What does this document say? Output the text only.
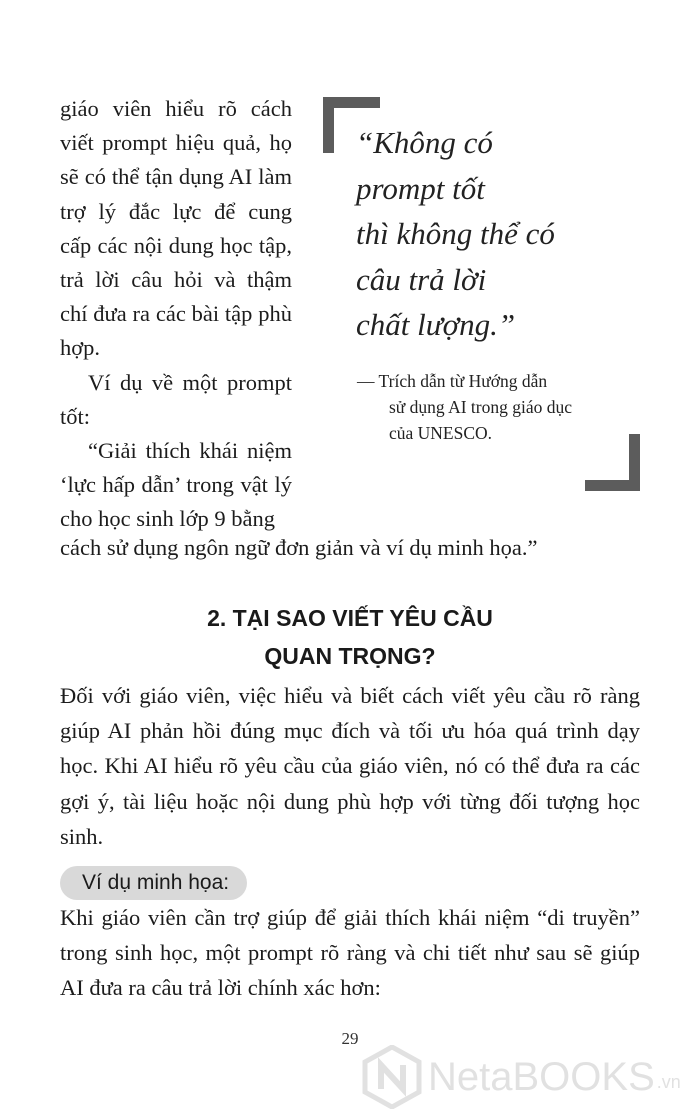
giáo viên hiểu rõ cách viết prompt hiệu quả, họ sẽ có thể tận dụng AI làm trợ lý đắc lực để cung cấp các nội dung học tập, trả lời câu hỏi và thậm chí đưa ra các bài tập phù hợp.

Ví dụ về một prompt tốt:

“Giải thích khái niệm ‘lực hấp dẫn’ trong vật lý cho học sinh lớp 9 bằng

cách sử dụng ngôn ngữ đơn giản và ví dụ minh họa.”
“Không có
prompt tốt
thì không thể có
câu trả lời
chất lượng.”
— Trích dẫn từ Hướng dẫn
sử dụng AI trong giáo dục
của UNESCO.
2. TẠI SAO VIẾT YÊU CẦU
QUAN TRỌNG?
Đối với giáo viên, việc hiểu và biết cách viết yêu cầu rõ ràng giúp AI phản hồi đúng mục đích và tối ưu hóa quá trình dạy học. Khi AI hiểu rõ yêu cầu của giáo viên, nó có thể đưa ra các gợi ý, tài liệu hoặc nội dung phù hợp với từng đối tượng học sinh.
Ví dụ minh họa:
Khi giáo viên cần trợ giúp để giải thích khái niệm “di truyền” trong sinh học, một prompt rõ ràng và chi tiết như sau sẽ giúp AI đưa ra câu trả lời chính xác hơn:
29
NetaBOOKS .vn
